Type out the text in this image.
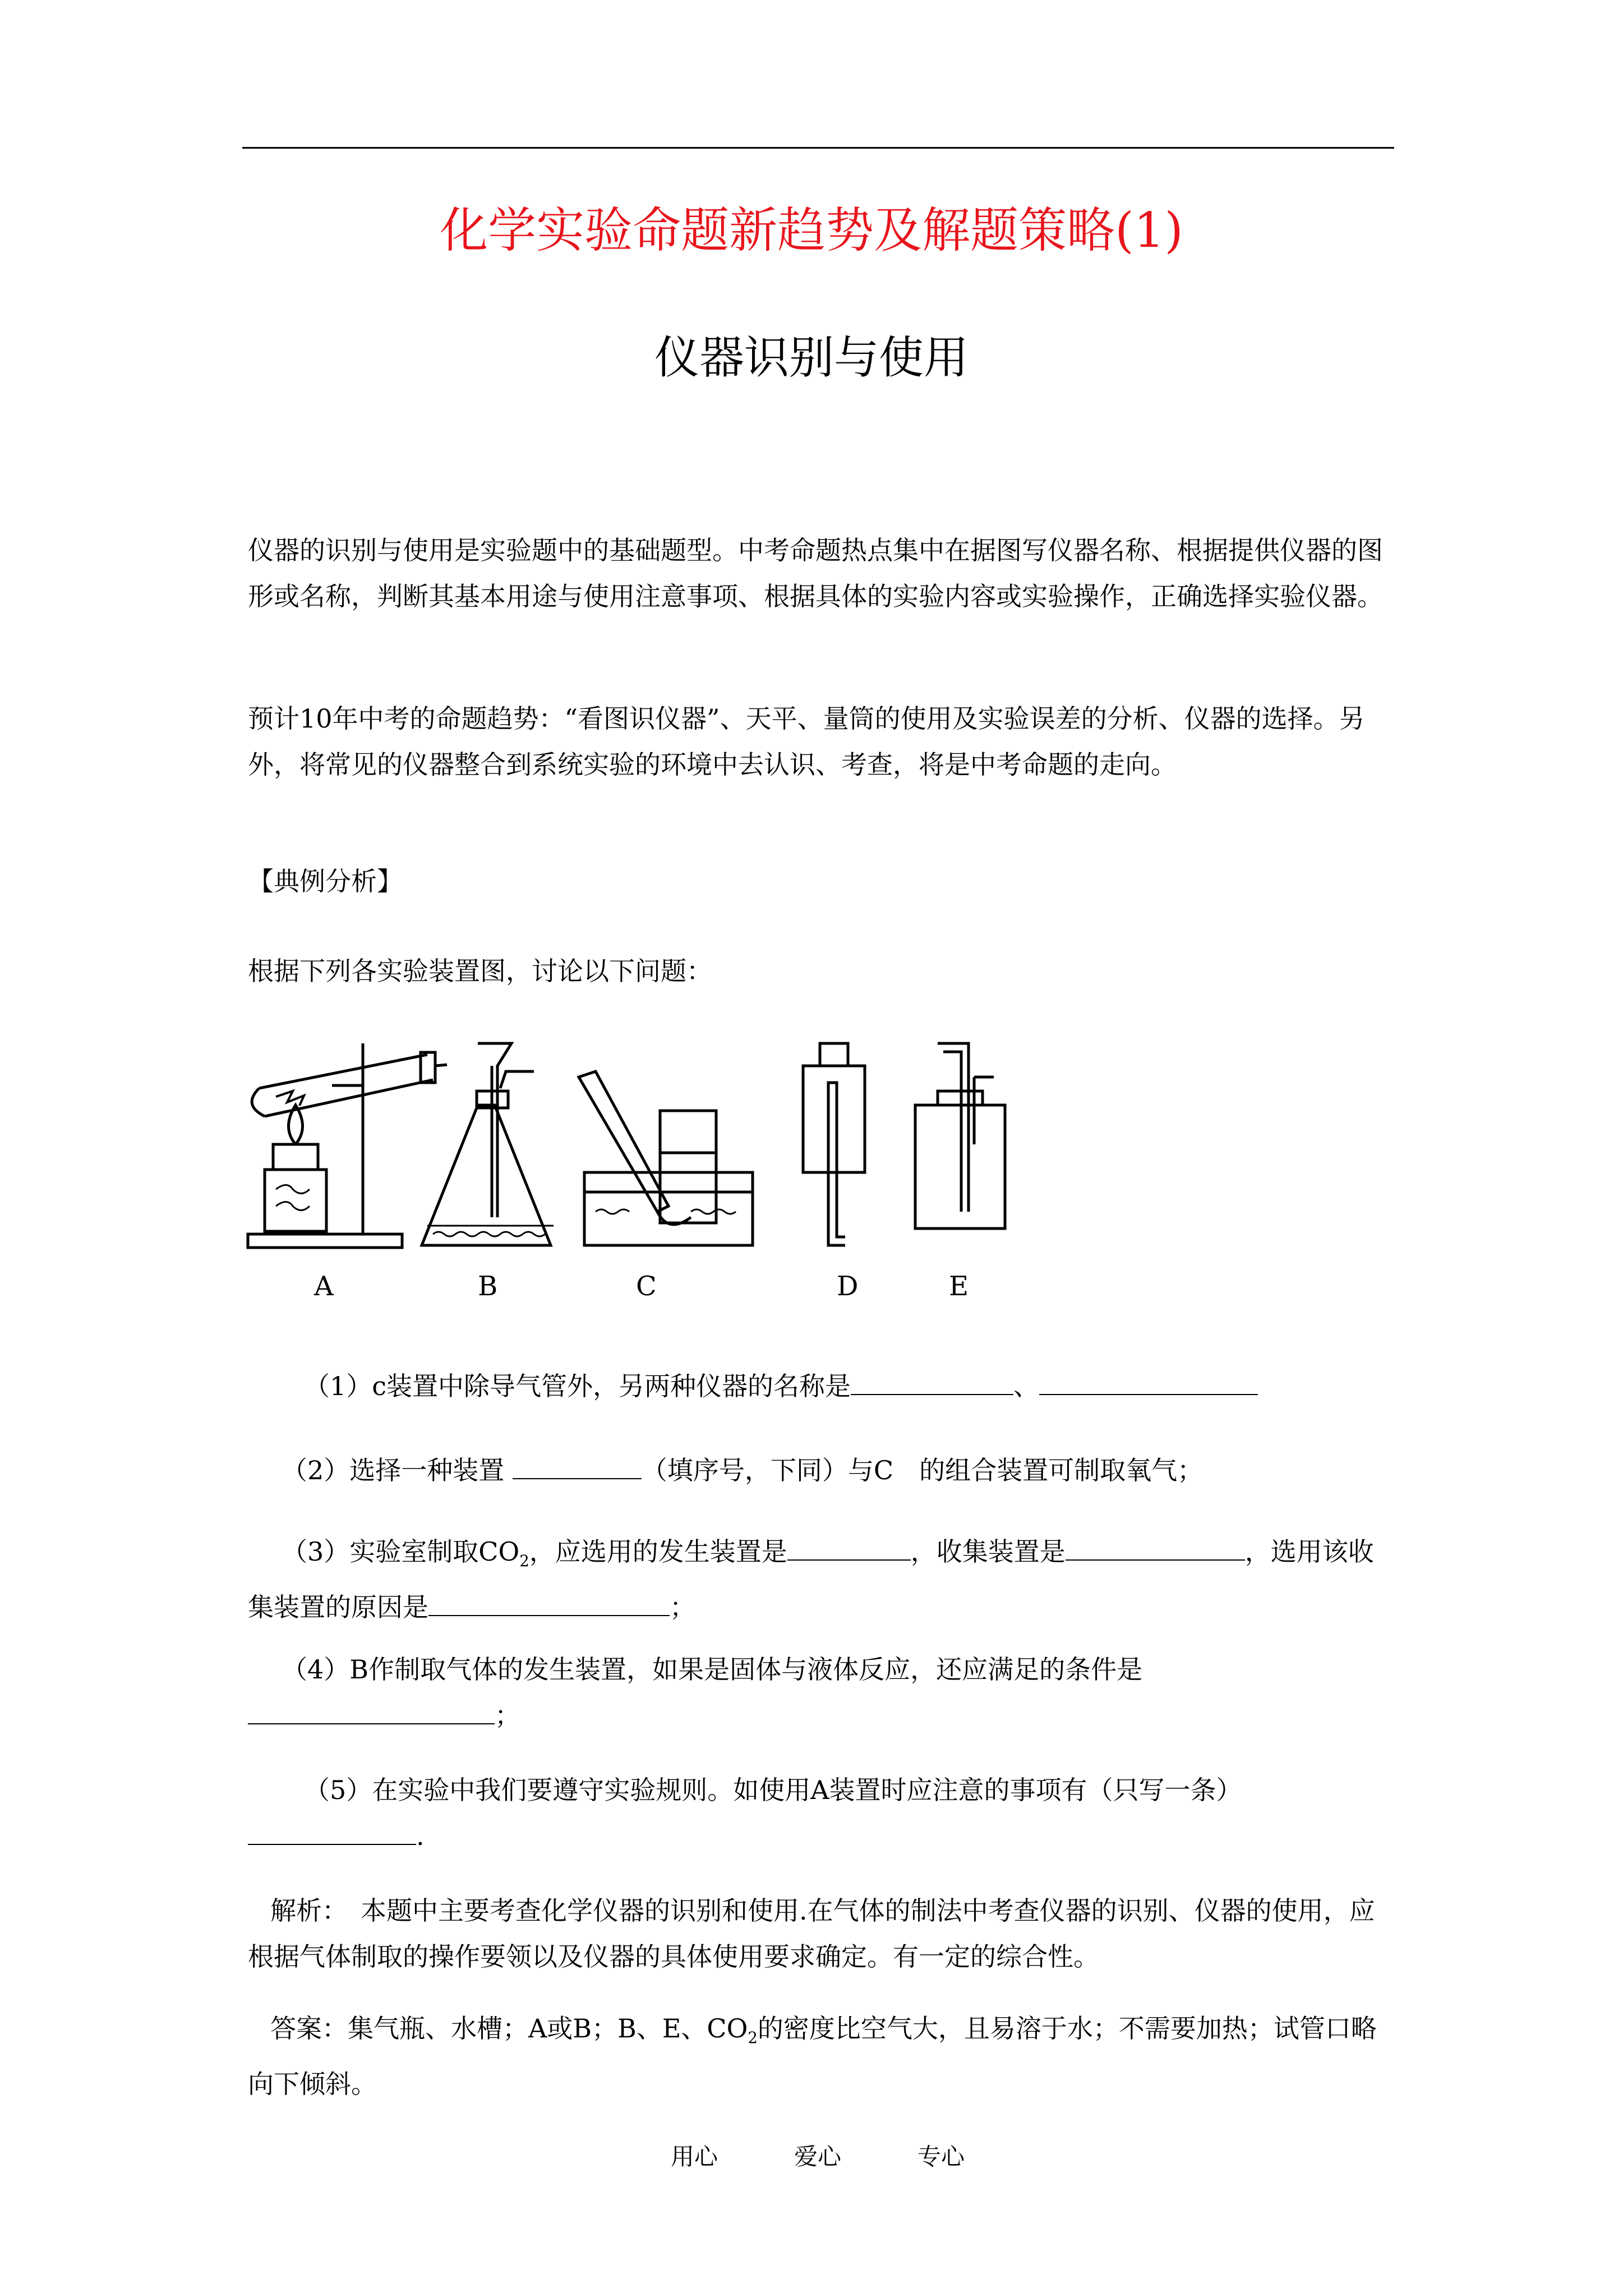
化学实验命题新趋势及解题策略(1)
仪器识别与使用
仪器的识别与使用是实验题中的基础题型。中考命题热点集中在据图写仪器名称、根据提供仪器的图形或名称，判断其基本用途与使用注意事项、根据具体的实验内容或实验操作，正确选择实验仪器。
预计10年中考的命题趋势：“看图识仪器”、天平、量筒的使用及实验误差的分析、仪器的选择。另外，将常见的仪器整合到系统实验的环境中去认识、考查，将是中考命题的走向。
【典例分析】
根据下列各实验装置图，讨论以下问题：
A	B	C	D	E
（1）c装置中除导气管外，另两种仪器的名称是	、
（2）选择一种装置	（填序号，下同）与C　的组合装置可制取氧气；
（3）实验室制取$CO_2$，应选用的发生装置是	，收集装置是	，选用该收集装置的原因是	；
（4）B作制取气体的发生装置，如果是固体与液体反应，还应满足的条件是
；
（5）在实验中我们要遵守实验规则。如使用A装置时应注意的事项有（只写一条）
.
解析：　本题中主要考查化学仪器的识别和使用.在气体的制法中考查仪器的识别、仪器的使用，应根据气体制取的操作要领以及仪器的具体使用要求确定。有一定的综合性。
答案：集气瓶、水槽；A或B；B、E、$CO_2$的密度比空气大，且易溶于水；不需要加热；试管口略向下倾斜。
用心	爱心	专心
